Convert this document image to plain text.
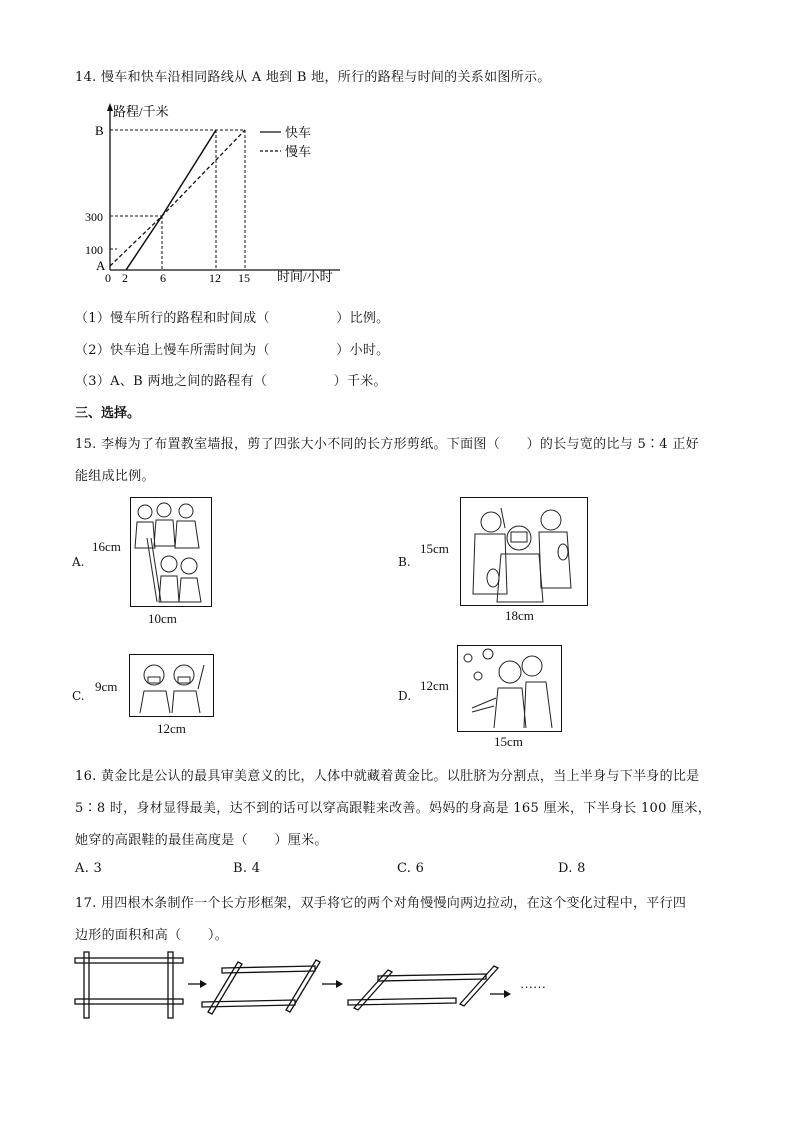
14. 慢车和快车沿相同路线从 A 地到 B 地，所行的路程与时间的关系如图所示。
路程/千米
B
300
100
A
0 2	6	12 15 时间/小时
快车
慢车
（1）慢车所行的路程和时间成（　　　　　）比例。
（2）快车追上慢车所需时间为（　　　　　）小时。
（3）A、B 两地之间的路程有（　　　　　）千米。
三、选择。
15. 李梅为了布置教室墙报，剪了四张大小不同的长方形剪纸。下面图（　　）的长与宽的比与 5∶4 正好
能组成比例。
A.
16cm
10cm
B.
15cm
18cm
C.
9cm
12cm
D.
12cm
15cm
16. 黄金比是公认的最具审美意义的比，人体中就藏着黄金比。以肚脐为分割点，当上半身与下半身的比是
5∶8 时，身材显得最美，达不到的话可以穿高跟鞋来改善。妈妈的身高是 165 厘米，下半身长 100 厘米，
她穿的高跟鞋的最佳高度是（　　）厘米。
A. 3	B. 4	C. 6	D. 8
17. 用四根木条制作一个长方形框架，双手将它的两个对角慢慢向两边拉动，在这个变化过程中，平行四
边形的面积和高（　　）。
……
